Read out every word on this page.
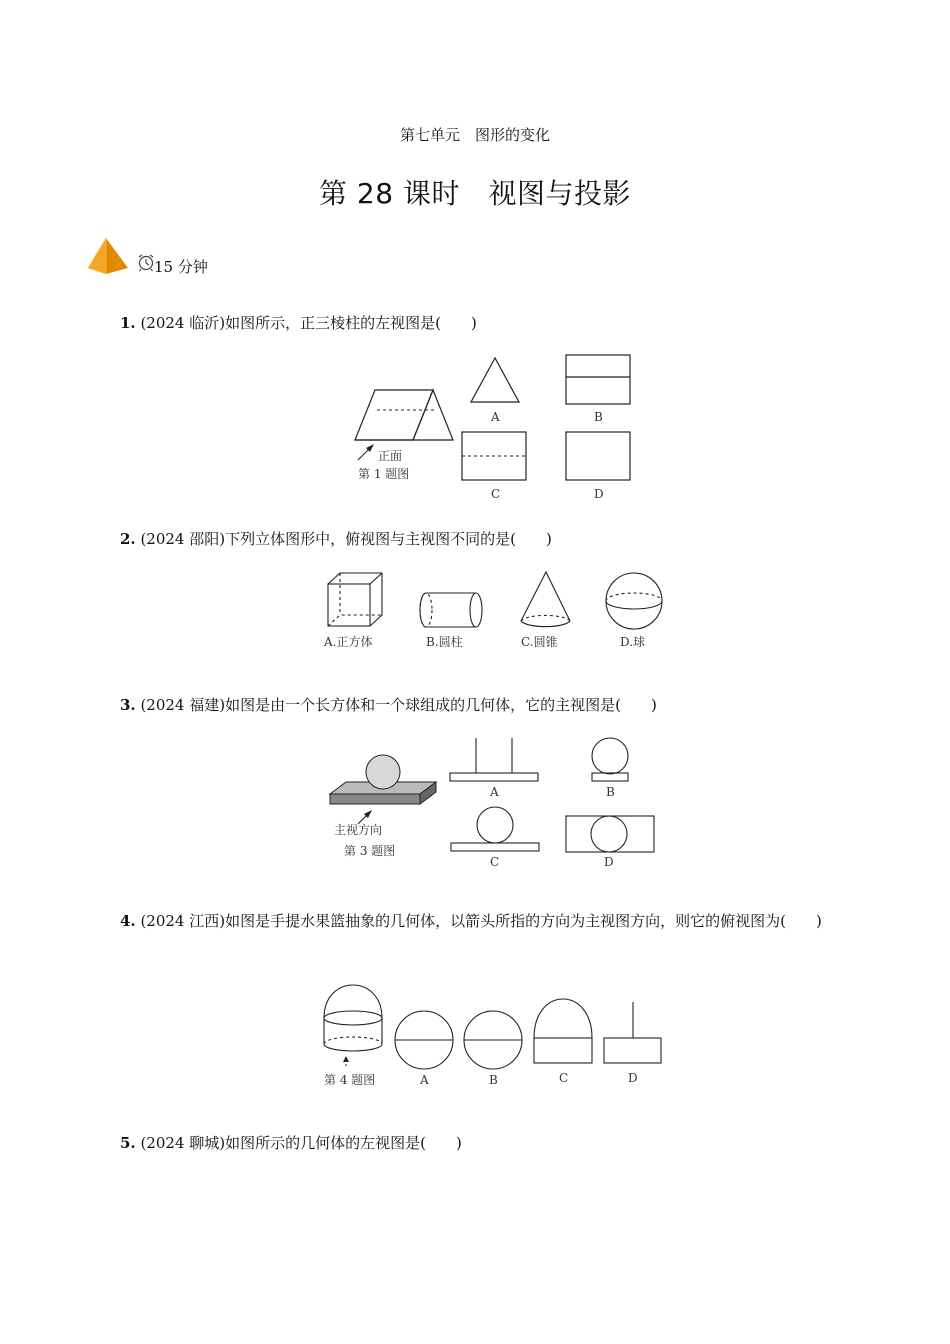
第七单元　图形的变化
第 28 课时　视图与投影
15 分钟
1. (2024 临沂)如图所示，正三棱柱的左视图是(　　)
正面
第 1 题图
A	B
C	D
2. (2024 邵阳)下列立体图形中，俯视图与主视图不同的是(　　)
A.正方体	B.圆柱	C.圆锥	D.球
3. (2024 福建)如图是由一个长方体和一个球组成的几何体，它的主视图是(　　)
主视方向
第 3 题图
A	B
C	D
4. (2024 江西)如图是手提水果篮抽象的几何体，以箭头所指的方向为主视图方向，则它的俯视图为(　　)
第 4 题图	A	B	C	D
5. (2024 聊城)如图所示的几何体的左视图是(　　)
